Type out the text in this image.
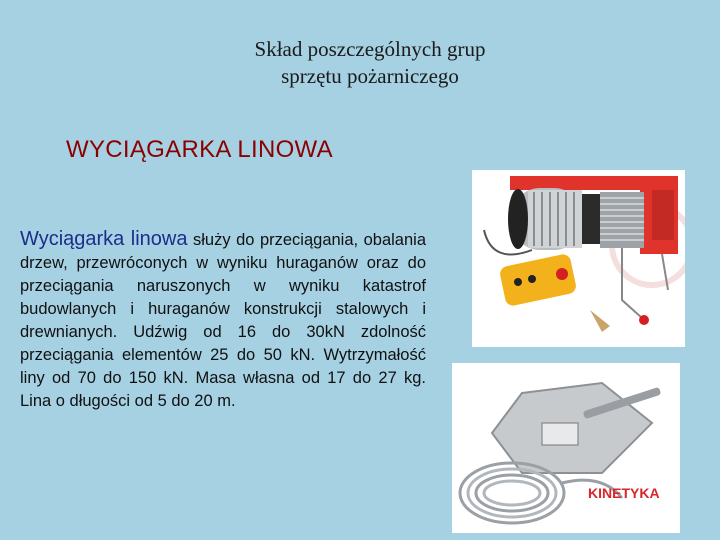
Skład poszczególnych grup
sprzętu pożarniczego
WYCIĄGARKA LINOWA
Wyciągarka linowa służy do przeciągania, obalania drzew, przewróconych w wyniku huraganów oraz do przeciągania naruszonych w wyniku katastrof budowlanych i huraganów konstrukcji stalowych i drewnianych. Udźwig od 16 do 30kN zdolność przeciągania elementów 25 do 50 kN. Wytrzymałość liny od 70 do 150 kN. Masa własna od 17 do 27 kg. Lina o długości od 5 do 20 m.
KINETYKA
